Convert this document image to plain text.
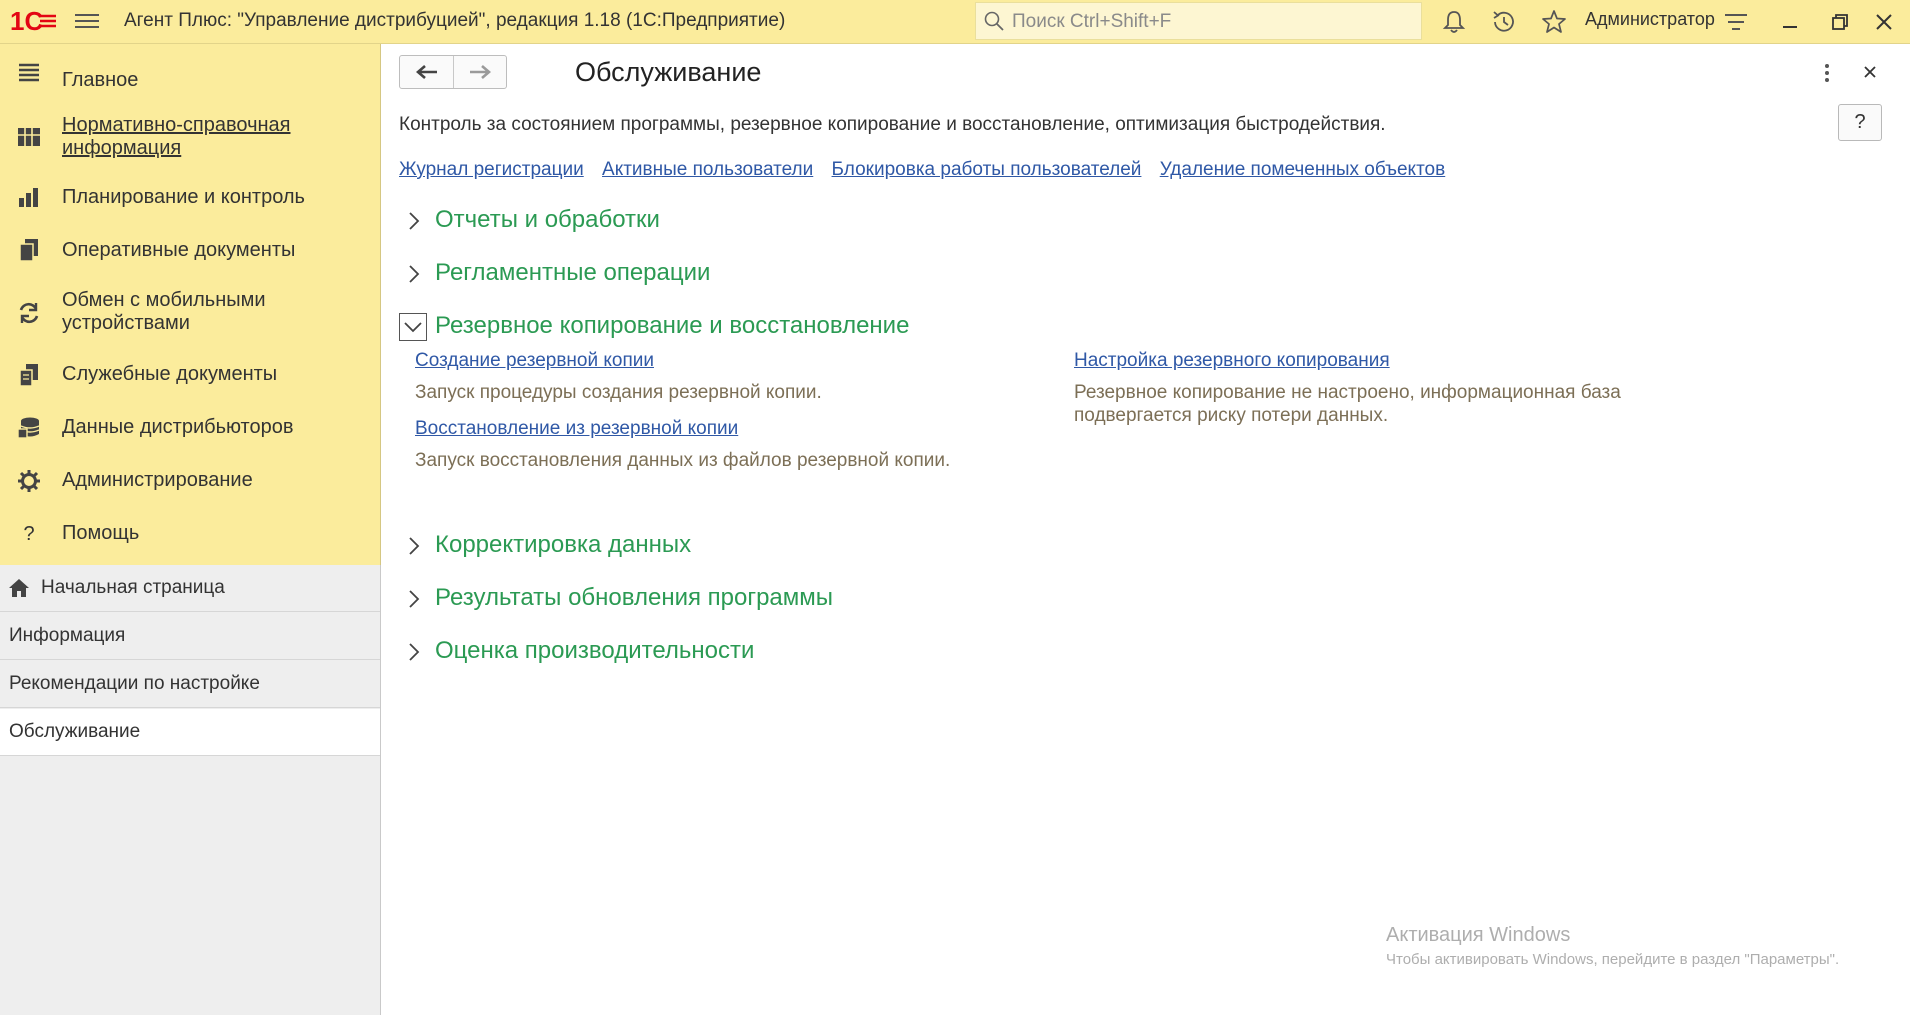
1C	Агент Плюс: "Управление дистрибуцией", редакция 1.18 (1С:Предприятие)
Поиск Ctrl+Shift+F	Администратор
Главное
Нормативно-справочная
информация
Планирование и контроль
Оперативные документы
Обмен с мобильными
устройствами
Служебные документы
Данные дистрибьюторов
Администрирование
?	Помощь
Начальная страница
Информация
Рекомендации по настройке
Обслуживание
Обслуживание
Контроль за состоянием программы, резервное копирование и восстановление, оптимизация быстродействия.	?
Журнал регистрации Активные пользователи Блокировка работы пользователей Удаление помеченных объектов
Отчеты и обработки
Регламентные операции
Резервное копирование и восстановление
Создание резервной копии
Запуск процедуры создания резервной копии.
Восстановление из резервной копии
Запуск восстановления данных из файлов резервной копии.
Настройка резервного копирования
Резервное копирование не настроено, информационная база
подвергается риску потери данных.
Корректировка данных
Результаты обновления программы
Оценка производительности
Активация Windows
Чтобы активировать Windows, перейдите в раздел "Параметры".
